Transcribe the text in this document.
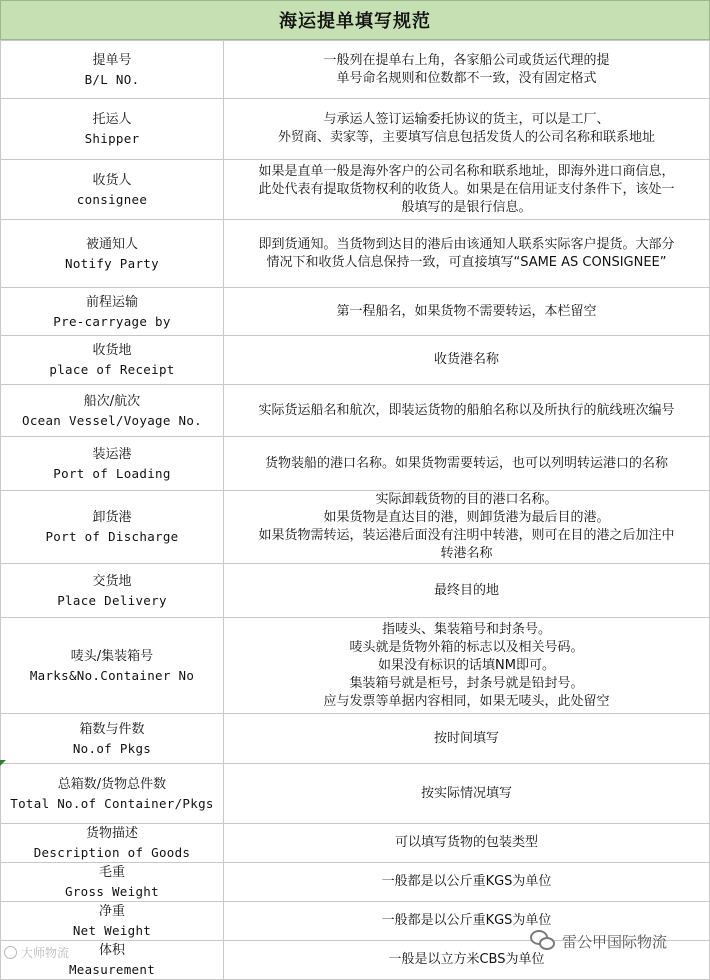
海运提单填写规范
提单号
B/L NO.	一般列在提单右上角，各家船公司或货运代理的提
单号命名规则和位数都不一致，没有固定格式

托运人
Shipper	与承运人签订运输委托协议的货主，可以是工厂、
外贸商、卖家等，主要填写信息包括发货人的公司名称和联系地址

收货人
consignee	如果是直单一般是海外客户的公司名称和联系地址，即海外进口商信息，
此处代表有提取货物权利的收货人。如果是在信用证支付条件下，该处一
般填写的是银行信息。

被通知人
Notify Party	即到货通知。当货物到达目的港后由该通知人联系实际客户提货。大部分
情况下和收货人信息保持一致，可直接填写“SAME AS CONSIGNEE”

前程运输
Pre-carryage by	第一程船名，如果货物不需要转运，本栏留空

收货地
place of Receipt	收货港名称

船次/航次
Ocean Vessel/Voyage No.	实际货运船名和航次，即装运货物的船舶名称以及所执行的航线班次编号

装运港
Port of Loading	货物装船的港口名称。如果货物需要转运，也可以列明转运港口的名称

卸货港
Port of Discharge	实际卸载货物的目的港口名称。
如果货物是直达目的港，则卸货港为最后目的港。
如果货物需转运，装运港后面没有注明中转港，则可在目的港之后加注中
转港名称

交货地
Place Delivery	最终目的地

唛头/集装箱号
Marks&No.Container No	指唛头、集装箱号和封条号。
唛头就是货物外箱的标志以及相关号码。
如果没有标识的话填NM即可。
集装箱号就是柜号，封条号就是铅封号。
应与发票等单据内容相同，如果无唛头，此处留空

箱数与件数
No.of Pkgs	按时间填写

总箱数/货物总件数
Total No.of Container/Pkgs	按实际情况填写

货物描述
Description of Goods	可以填写货物的包装类型

毛重
Gross Weight	一般都是以公斤重KGS为单位

净重
Net Weight	一般都是以公斤重KGS为单位

体积
Measurement	一般是以立方米CBS为单位
大师物流
雷公甲国际物流
